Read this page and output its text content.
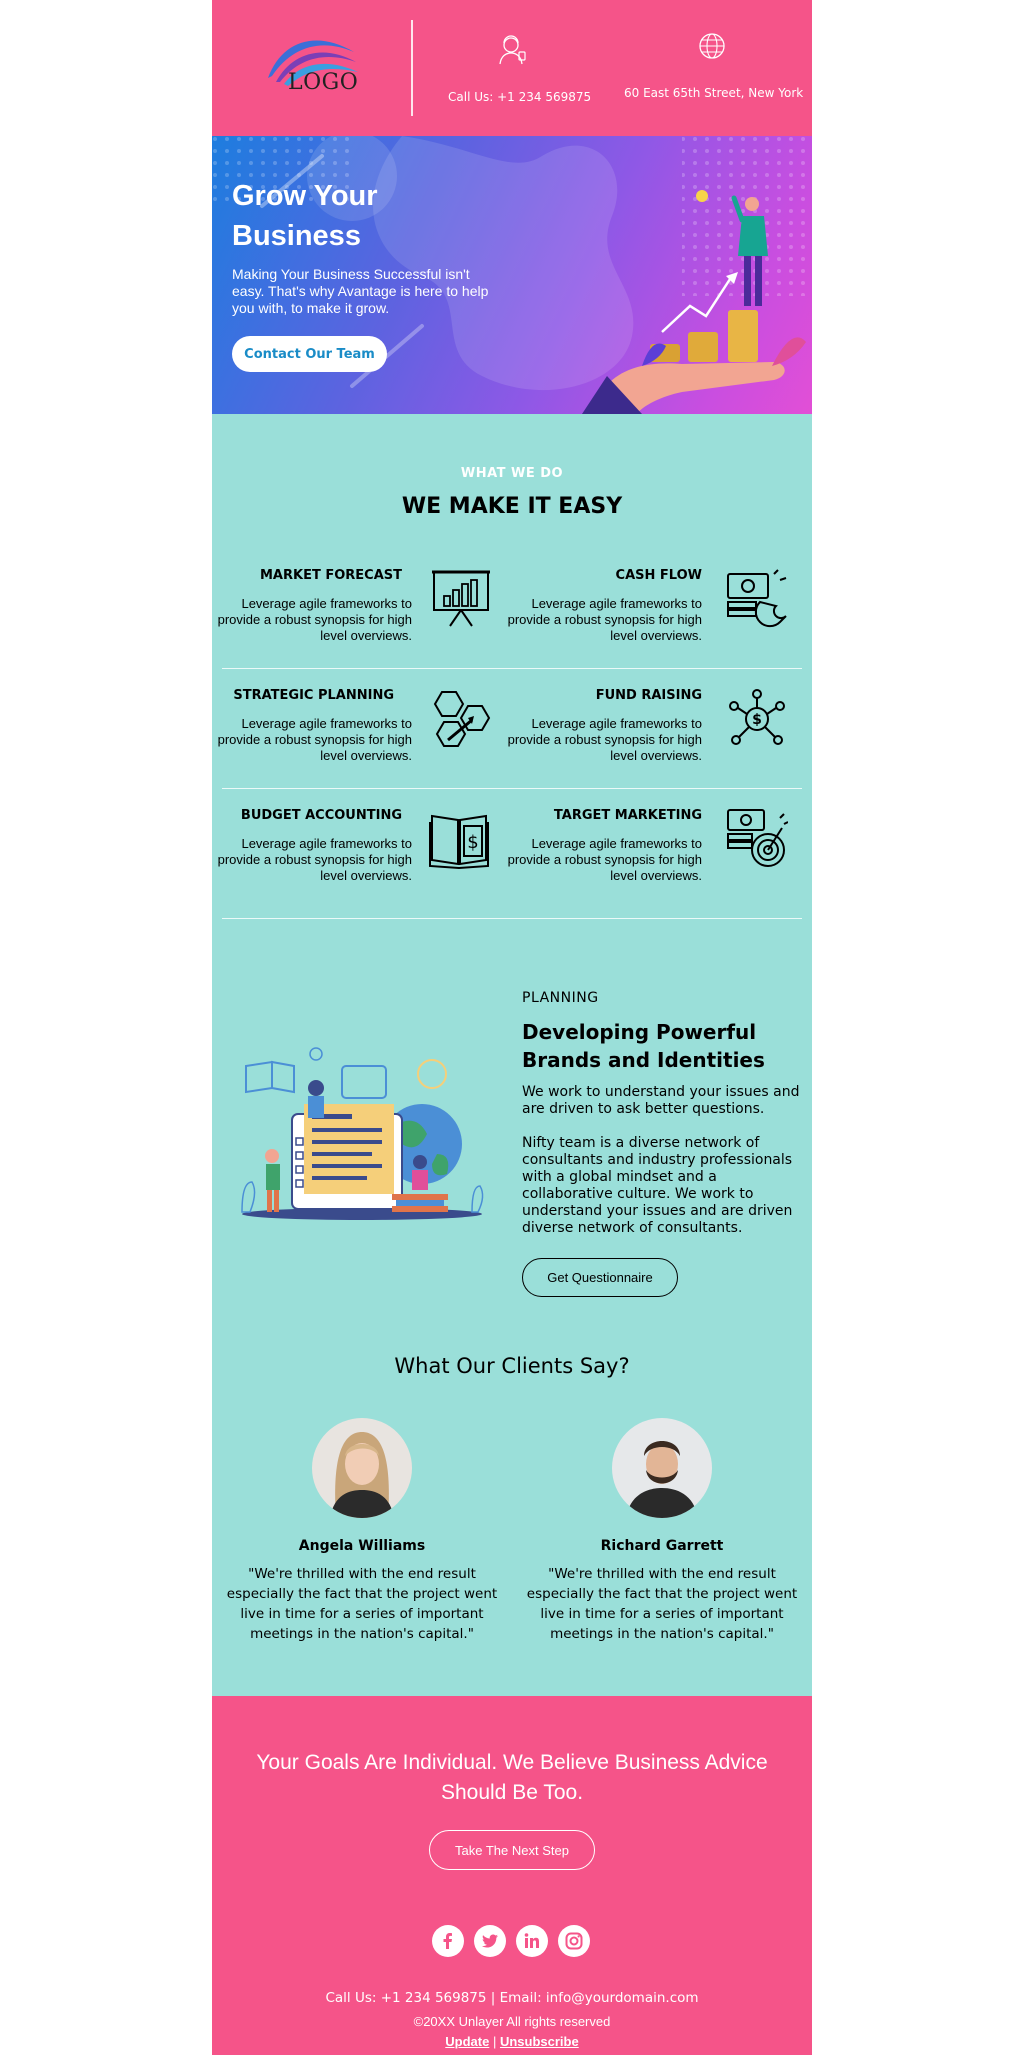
LOGO
Call Us: +1 234 569875	60 East 65th Street, New York
Grow Your Business
Making Your Business Successful isn't easy. That's why Avantage is here to help you with, to make it grow.
Contact Our Team
WHAT WE DO
WE MAKE IT EASY
MARKET FORECAST
Leverage agile frameworks to provide a robust synopsis for high level overviews.
CASH FLOW
Leverage agile frameworks to provide a robust synopsis for high level overviews.
STRATEGIC PLANNING
Leverage agile frameworks to provide a robust synopsis for high level overviews.
FUND RAISING
Leverage agile frameworks to provide a robust synopsis for high level overviews.
$
BUDGET ACCOUNTING
Leverage agile frameworks to provide a robust synopsis for high level overviews.
$
TARGET MARKETING
Leverage agile frameworks to provide a robust synopsis for high level overviews.
PLANNING
Developing Powerful Brands and Identities
We work to understand your issues and are driven to ask better questions.
Nifty team is a diverse network of consultants and industry professionals with a global mindset and a collaborative culture. We work to understand your issues and are driven diverse network of consultants.
Get Questionnaire
What Our Clients Say?
Angela Williams
"We're thrilled with the end result especially the fact that the project went live in time for a series of important meetings in the nation's capital."
Richard Garrett
"We're thrilled with the end result especially the fact that the project went live in time for a series of important meetings in the nation's capital."
Your Goals Are Individual. We Believe Business Advice Should Be Too.
Take The Next Step
Call Us: +1 234 569875 | Email: info@yourdomain.com
©20XX Unlayer All rights reserved
Update | Unsubscribe
